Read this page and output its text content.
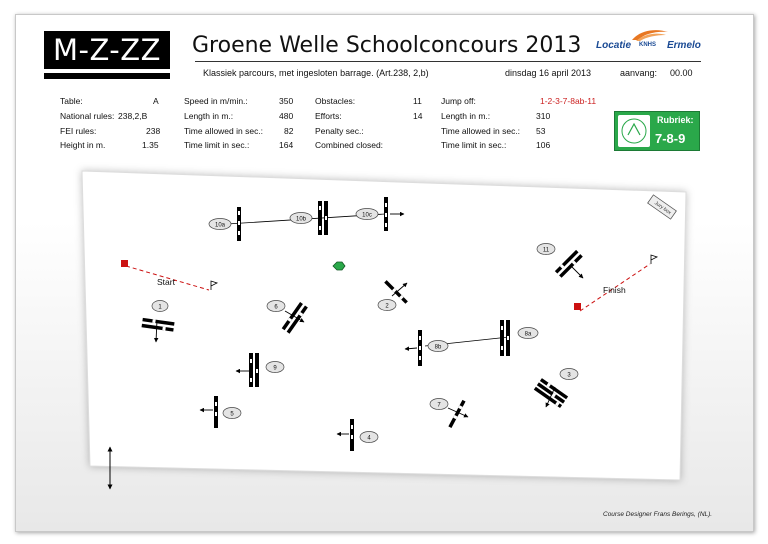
M-Z-ZZ	Groene Welle Schoolconcours 2013
Klassiek parcours, met ingesloten barrage. (Art.238, 2,b)	dinsdag 16 april 2013	aanvang: 00.00
Locatie KNHS Ermelo
Table:	A
National rules: 238,2,B
FEI rules:	238
Height in m.	1.35
Speed in m/min.:	350
Length in m.:	480
Time allowed in sec.: 82
Time limit in sec.:	164
Obstacles:	11
Efforts:	14
Penalty sec.:
Combined closed:
Jump off:	1-2-3-7-8ab-11
Length in m.:	310
Time allowed in sec.: 53
Time limit in sec.:	106
Rubriek:
7-8-9
Jury box
Start
Finish
10a
10b
10c
11
1	6	2
8a
8b
9
3
5
7
4
Course Designer Frans Berings, (NL).
